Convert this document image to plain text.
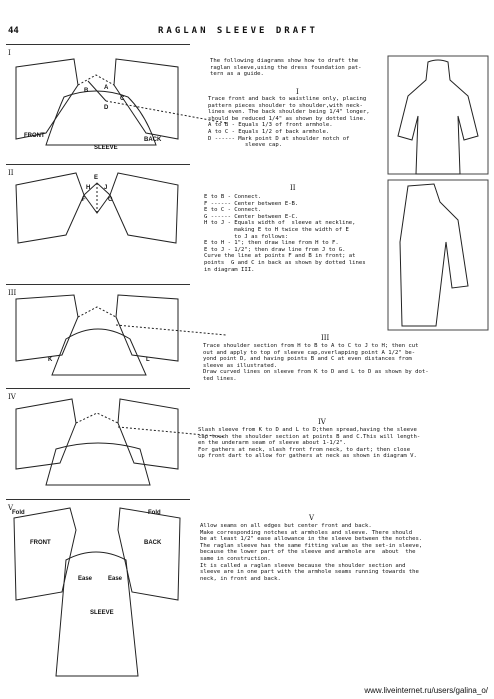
44	RAGLAN SLEEVE DRAFT
I
B	A
C
D
FRONT
BACK
SLEEVE
II
E
H J
F	G
III
K	L
IV
V
Fold	Fold
FRONT	BACK
Ease	Ease
SLEEVE
The following diagrams show how to draft the
raglan sleeve,using the dress foundation pat-
tern as a guide.
I
Trace front and back to waistline only, placing
pattern pieces shoulder to shoulder,with neck-
lines even. The back shoulder being 1/4" longer,
should be reduced 1/4" as shown by dotted line.
A to B - Equals 1/3 of front armhole.
A to C - Equals 1/2 of back armhole.
D ------ Mark point D at shoulder notch of
sleeve cap.
II
E to B - Connect.
F ------ Center between E-B.
E to C - Connect.
G ------ Center between E-C.
H to J - Equals width of  sleeve at neckline,
making E to H twice the width of E
to J as follows:
E to H - 1"; then draw line from H to F.
E to J - 1/2"; then draw line from J to G.
Curve the line at points F and B in front; at
points  G and C in back as shown by dotted lines
in diagram III.
III
Trace shoulder section from H to B to A to C to J to H; then cut
out and apply to top of sleeve cap,overlapping point A 1/2" be-
yond point D, and having points B and C at even distances from
sleeve as illustrated.
Draw curved lines on sleeve from K to D and L to D as shown by dot-
ted lines.
IV
Slash sleeve from K to D and L to D;then spread,having the sleeve
cap touch the shoulder section at points B and C.This will length-
en the underarm seam of sleeve about 1-1/2".
For gathers at neck, slash front from neck, to dart; then close
up front dart to allow for gathers at neck as shown in diagram V.
V
Allow seams on all edges but center front and back.
Make corresponding notches at armholes and sleeve. There should
be at least 1/2" ease allowance in the sleeve between the notches.
The raglan sleeve has the same fitting value as the set-in sleeve,
because the lower part of the sleeve and armhole are  about  the
same in construction.
It is called a raglan sleeve because the shoulder section and
sleeve are in one part with the armhole seams running towards the
neck, in front and back.
www.liveinternet.ru/users/galina_o/
